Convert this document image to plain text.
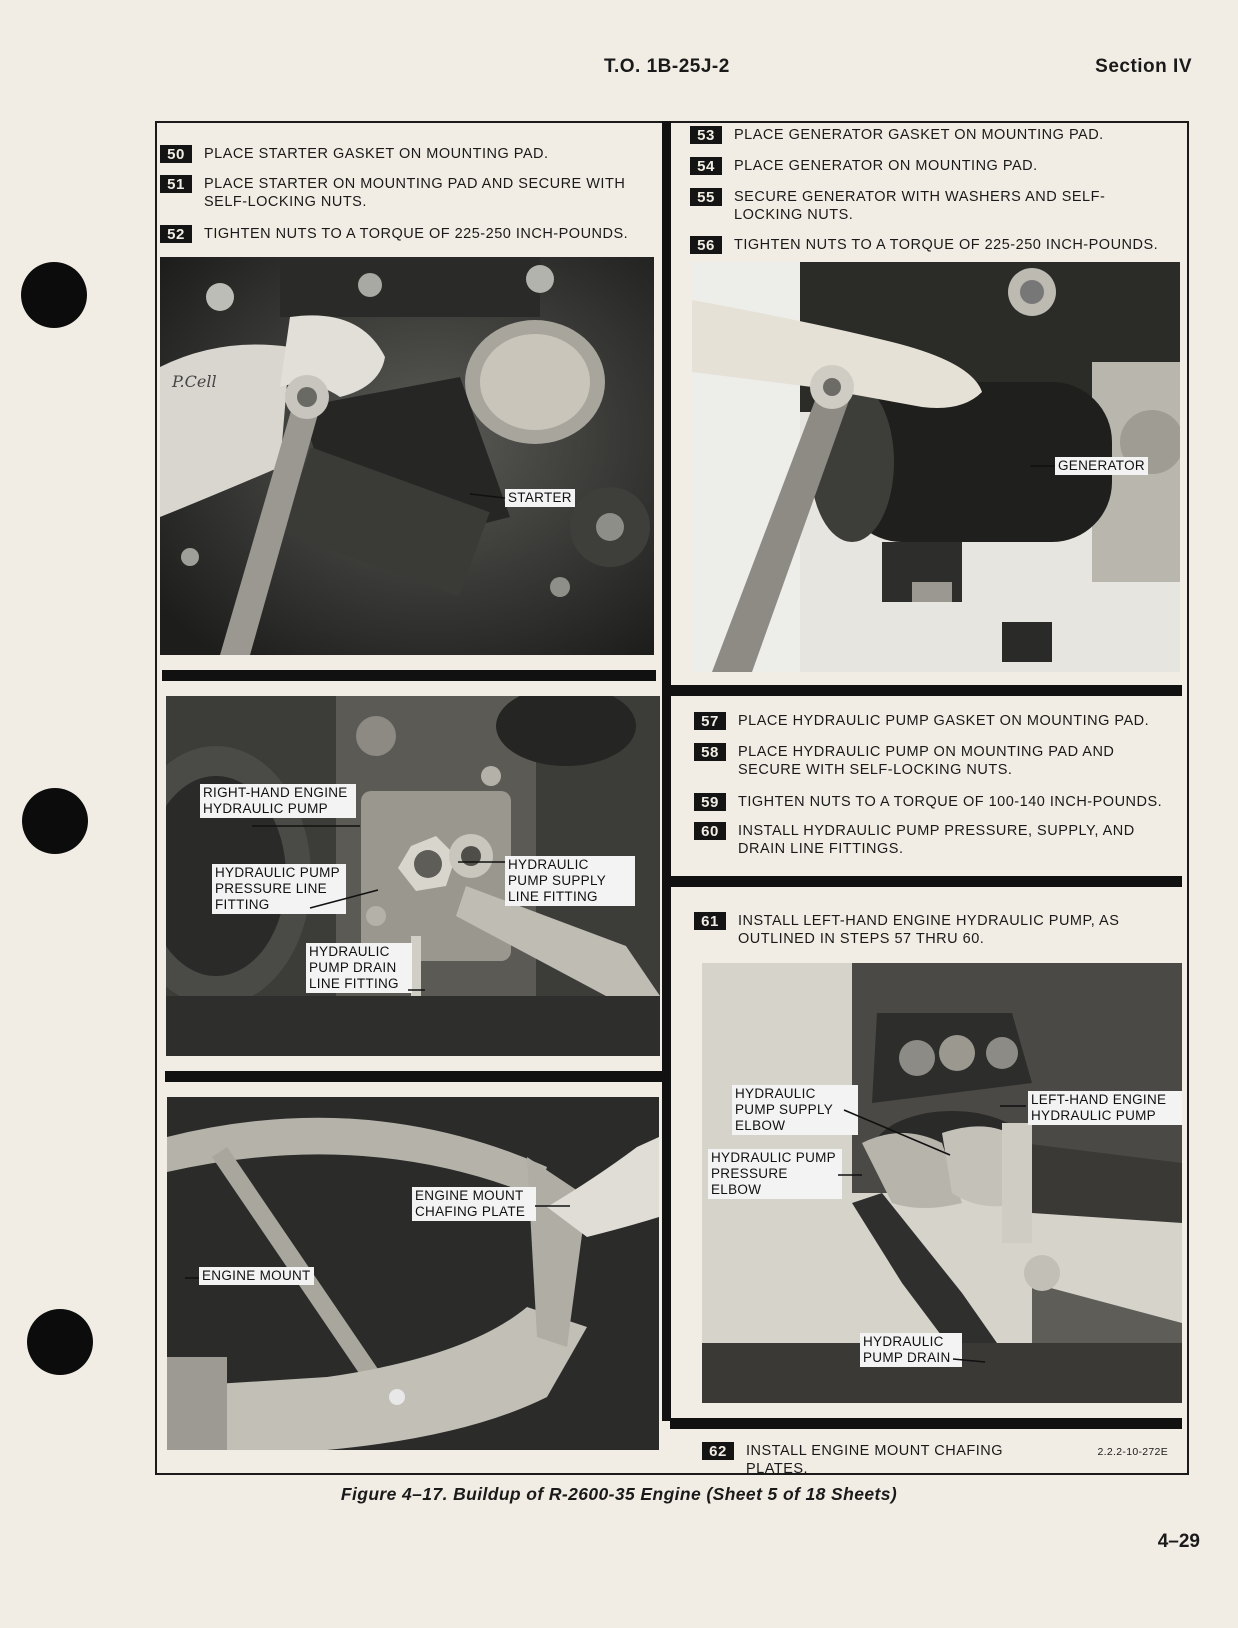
T.O. 1B-25J-2	Section IV
50	PLACE STARTER GASKET ON MOUNTING PAD.
51	PLACE STARTER ON MOUNTING PAD AND SECURE WITH SELF-LOCKING NUTS.
52	TIGHTEN NUTS TO A TORQUE OF 225-250 INCH-POUNDS.
53	PLACE GENERATOR GASKET ON MOUNTING PAD.
54	PLACE GENERATOR ON MOUNTING PAD.
55	SECURE GENERATOR WITH WASHERS AND SELF-LOCKING NUTS.
56	TIGHTEN NUTS TO A TORQUE OF 225-250 INCH-POUNDS.
57	PLACE HYDRAULIC PUMP GASKET ON MOUNTING PAD.
58	PLACE HYDRAULIC PUMP ON MOUNTING PAD AND SECURE WITH SELF-LOCKING NUTS.
59	TIGHTEN NUTS TO A TORQUE OF 100-140 INCH-POUNDS.
60	INSTALL HYDRAULIC PUMP PRESSURE, SUPPLY, AND DRAIN LINE FITTINGS.
61	INSTALL LEFT-HAND ENGINE HYDRAULIC PUMP, AS OUTLINED IN STEPS 57 THRU 60.
62	INSTALL ENGINE MOUNT CHAFING PLATES.
2.2.2-10-272E
P.Cell
STARTER
GENERATOR
RIGHT-HAND ENGINE HYDRAULIC PUMP
HYDRAULIC PUMP PRESSURE LINE FITTING
HYDRAULIC PUMP SUPPLY LINE FITTING
HYDRAULIC PUMP DRAIN LINE FITTING
ENGINE MOUNT CHAFING PLATE
ENGINE MOUNT
HYDRAULIC PUMP SUPPLY ELBOW
HYDRAULIC PUMP PRESSURE ELBOW
LEFT-HAND ENGINE HYDRAULIC PUMP
HYDRAULIC PUMP DRAIN
Figure 4–17. Buildup of R-2600-35 Engine (Sheet 5 of 18 Sheets)
4–29
